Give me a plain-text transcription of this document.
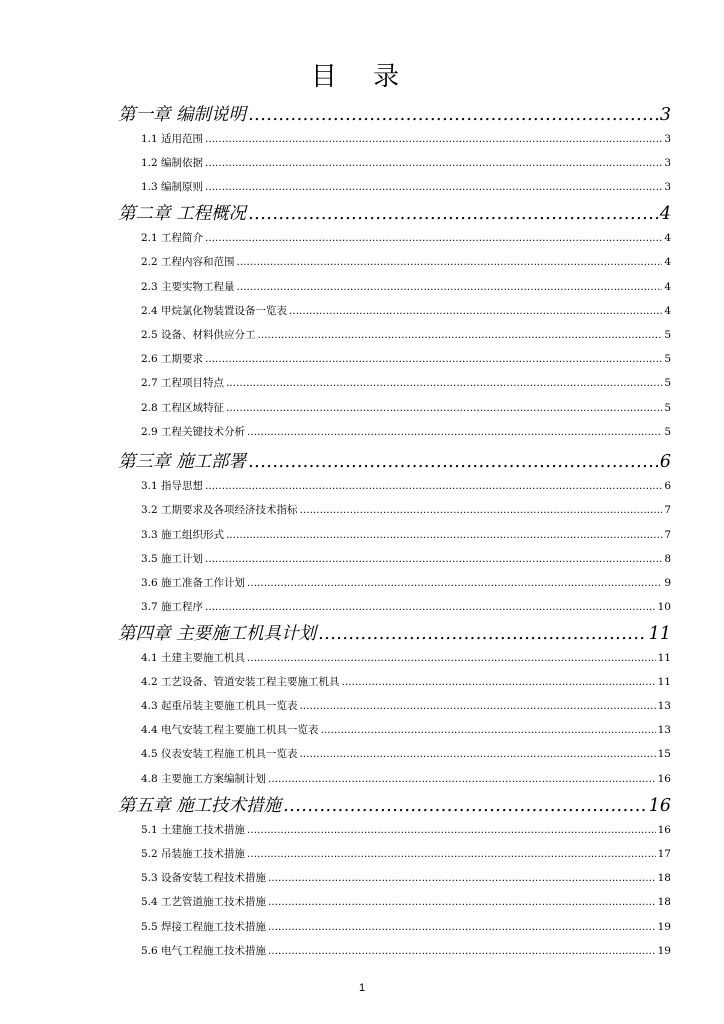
目 录
第一章 编制说明 .....	3
1.1 适用范围 .....	3
1.2 编制依据 .....	3
1.3 编制原则 .....	3
第二章 工程概况 .....	4
2.1 工程简介 .....	4
2.2 工程内容和范围 .....	4
2.3 主要实物工程量 .....	4
2.4 甲烷氯化物装置设备一览表 .....	4
2.5 设备、材料供应分工 .....	5
2.6 工期要求 .....	5
2.7 工程项目特点 .....	5
2.8 工程区域特征 .....	5
2.9 工程关键技术分析 .....	5
第三章 施工部署 .....	6
3.1 指导思想 .....	6
3.2 工期要求及各项经济技术指标 .....	7
3.3 施工组织形式 .....	7
3.5 施工计划 .....	8
3.6 施工准备工作计划 .....	9
3.7 施工程序 .....	10
第四章 主要施工机具计划 .....	11
4.1 土建主要施工机具 .....	11
4.2 工艺设备、管道安装工程主要施工机具 .....	11
4.3 起重吊装主要施工机具一览表 .....	13
4.4 电气安装工程主要施工机具一览表 .....	13
4.5 仪表安装工程施工机具一览表 .....	15
4.8 主要施工方案编制计划 .....	16
第五章 施工技术措施 .....	16
5.1 土建施工技术措施 .....	16
5.2 吊装施工技术措施 .....	17
5.3 设备安装工程技术措施 .....	18
5.4 工艺管道施工技术措施 .....	18
5.5 焊接工程施工技术措施 .....	19
5.6 电气工程施工技术措施 .....	19
1
